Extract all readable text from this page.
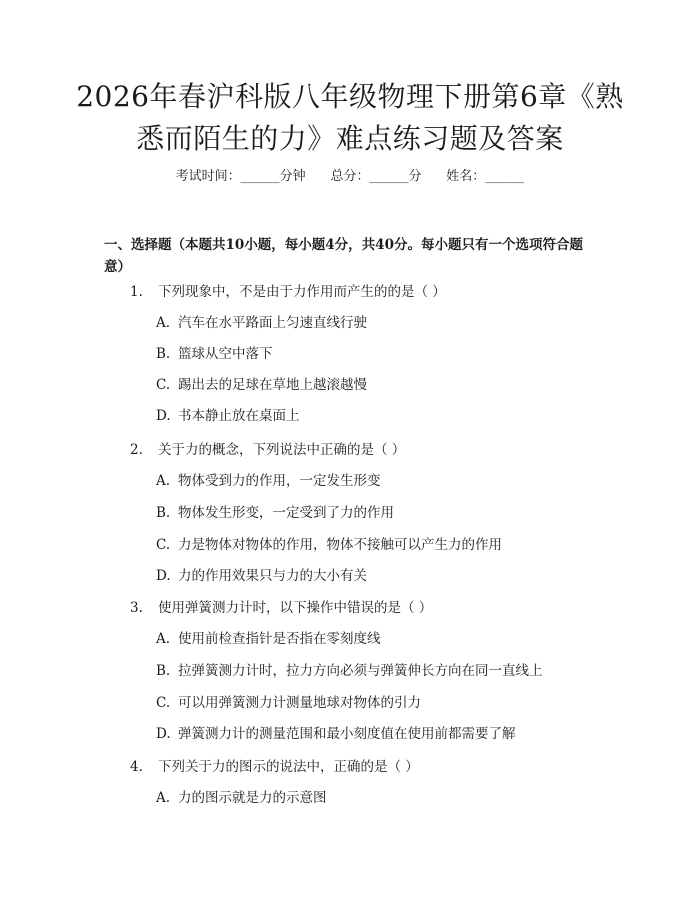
2026年春沪科版八年级物理下册第6章《熟
悉而陌生的力》难点练习题及答案
考试时间：______分钟 总分：______分 姓名：______
一、选择题（本题共10小题，每小题4分，共40分。每小题只有一个选项符合题意）
1. 下列现象中，不是由于力作用而产生的的是（ ）
A. 汽车在水平路面上匀速直线行驶
B. 篮球从空中落下
C. 踢出去的足球在草地上越滚越慢
D. 书本静止放在桌面上
2. 关于力的概念，下列说法中正确的是（ ）
A. 物体受到力的作用，一定发生形变
B. 物体发生形变，一定受到了力的作用
C. 力是物体对物体的作用，物体不接触可以产生力的作用
D. 力的作用效果只与力的大小有关
3. 使用弹簧测力计时，以下操作中错误的是（ ）
A. 使用前检查指针是否指在零刻度线
B. 拉弹簧测力计时，拉力方向必须与弹簧伸长方向在同一直线上
C. 可以用弹簧测力计测量地球对物体的引力
D. 弹簧测力计的测量范围和最小刻度值在使用前都需要了解
4. 下列关于力的图示的说法中，正确的是（ ）
A. 力的图示就是力的示意图
